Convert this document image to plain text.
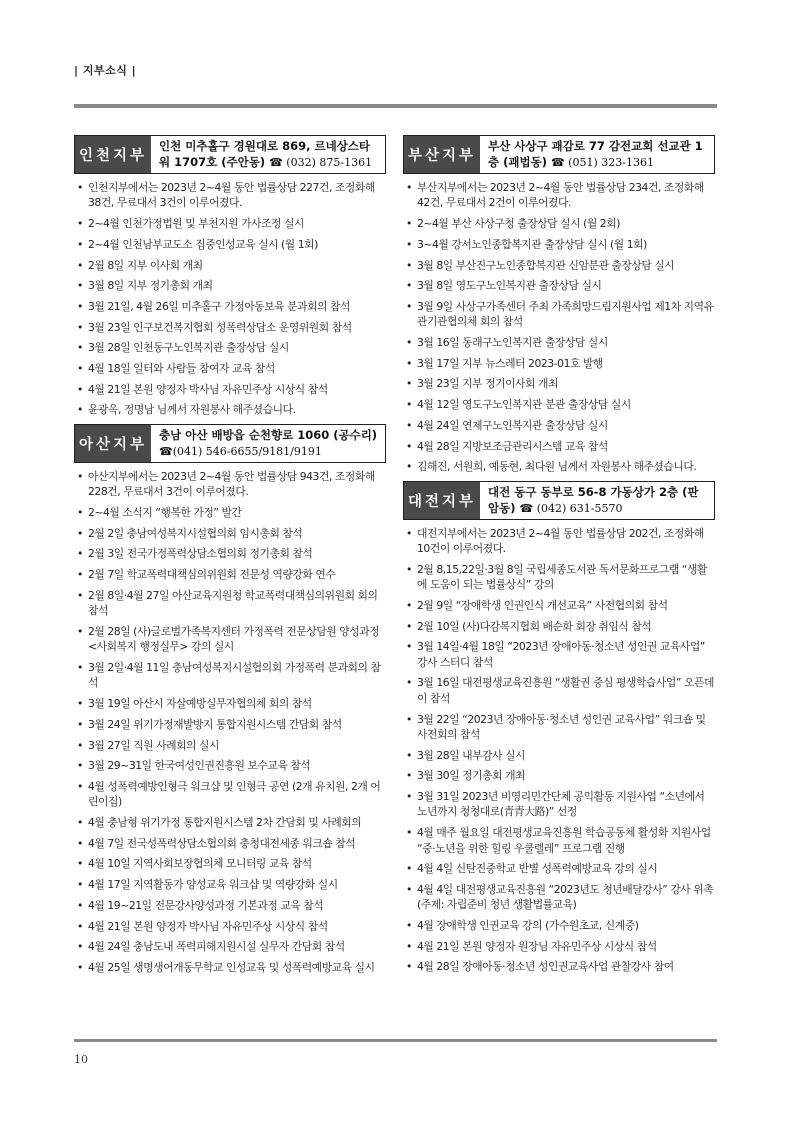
| 지부소식 |
인천지부
인천 미추홀구 경원대로 869, 르네상스타워 1707호 (주안동) ☎ (032) 875-1361
• 인천지부에서는 2023년 2~4월 동안 법률상담 227건, 조정화해 38건, 무료대서 3건이 이루어졌다.
• 2~4월 인천가정법원 및 부천지원 가사조정 실시
• 2~4월 인천남부교도소 집중인성교육 실시 (월 1회)
• 2월 8일 지부 이사회 개최
• 3월 8일 지부 정기총회 개최
• 3월 21일, 4월 26일 미추홀구 가정아동보육 분과회의 참석
• 3월 23일 인구보건복지협회 성폭력상담소 운영위원회 참석
• 3월 28일 인천동구노인복지관 출장상담 실시
• 4월 18일 일터와 사람들 참여자 교육 참석
• 4월 21일 본원 양정자 박사님 자유민주상 시상식 참석
• 윤광옥, 정명남 님께서 자원봉사 해주셨습니다.
아산지부
충남 아산 배방읍 순천향로 1060 (공수리) ☎(041) 546-6655/9181/9191
• 아산지부에서는 2023년 2~4월 동안 법률상담 943건, 조정화해 228건, 무료대서 3건이 이루어졌다.
• 2~4월 소식지 “행복한 가정” 발간
• 2월 2일 충남여성복지시설협의회 임시총회 참석
• 2월 3일 전국가정폭력상담소협의회 정기총회 참석
• 2월 7일 학교폭력대책심의위원회 전문성 역량강화 연수
• 2월 8일·4월 27일 아산교육지원청 학교폭력대책심의위원회 회의 참석
• 2월 28일 (사)글로벌가족복지센터 가정폭력 전문상담원 양성과정 <사회복지 행정실무> 강의 실시
• 3월 2일·4월 11일 충남여성복지시설협의회 가정폭력 분과회의 참석
• 3월 19일 아산시 자살예방실무자협의체 회의 참석
• 3월 24일 위기가정재발방지 통합지원시스템 간담회 참석
• 3월 27일 직원 사례회의 실시
• 3월 29~31일 한국여성인권진흥원 보수교육 참석
• 4월 성폭력예방인형극 워크샵 및 인형극 공연 (2개 유치원, 2개 어린이집)
• 4월 충남형 위기가정 통합지원시스템 2차 간담회 및 사례회의
• 4월 7일 전국성폭력상담소협의회 충청대전세종 워크숍 참석
• 4월 10일 지역사회보장협의체 모니터링 교육 참석
• 4월 17일 지역활동가 양성교육 워크샵 및 역량강화 실시
• 4월 19~21일 전문강사양성과정 기본과정 교육 참석
• 4월 21일 본원 양정자 박사님 자유민주상 시상식 참석
• 4월 24일 충남도내 폭력피해지원시설 실무자 간담회 참석
• 4월 25일 생명생어개동무학교 인성교육 및 성폭력예방교육 실시
부산지부
부산 사상구 괘감로 77 감전교회 선교관 1층 (괘법동) ☎ (051) 323-1361
• 부산지부에서는 2023년 2~4월 동안 법률상담 234건, 조정화해 42건, 무료대서 2건이 이루어졌다.
• 2~4월 부산 사상구청 출장상담 실시 (월 2회)
• 3~4월 강서노인종합복지관 출장상담 실시 (월 1회)
• 3월 8일 부산진구노인종합복지관 신암분관 출장상담 실시
• 3월 8일 영도구노인복지관 출장상담 실시
• 3월 9일 사상구가족센터 주최 가족희망드림지원사업 제1차 지역유관기관협의체 회의 참석
• 3월 16일 동래구노인복지관 출장상담 실시
• 3월 17일 지부 뉴스레터 2023-01호 발행
• 3월 23일 지부 정기이사회 개최
• 4월 12일 영도구노인복지관 분관 출장상담 실시
• 4월 24일 연제구노인복지관 출장상담 실시
• 4월 28일 지방보조금관리시스템 교육 참석
• 김해진, 서원희, 예동현, 최다원 님께서 자원봉사 해주셨습니다.
대전지부
대전 동구 동부로 56-8 가동상가 2층 (판암동) ☎ (042) 631-5570
• 대전지부에서는 2023년 2~4월 동안 법률상담 202건, 조정화해 10건이 이루어졌다.
• 2월 8,15,22일·3월 8일 국립세종도서관 독서문화프로그램 “생활에 도움이 되는 법률상식” 강의
• 2월 9일 “장애학생 인권인식 개선교육” 사전협의회 참석
• 2월 10일 (사)다감복지협회 배순화 회장 취임식 참석
• 3월 14일·4월 18일 “2023년 장애아동·청소년 성인권 교육사업” 강사 스터디 참석
• 3월 16일 대전평생교육진흥원 “생활권 중심 평생학습사업” 오픈데이 참석
• 3월 22일 “2023년 장애아동·청소년 성인권 교육사업” 워크숍 및 사전회의 참석
• 3월 28일 내부감사 실시
• 3월 30일 정기총회 개최
• 3월 31일 2023년 비영리민간단체 공익활동 지원사업 “소년에서 노년까지 청청대로(青青大路)” 선정
• 4월 매주 월요일 대전평생교육진흥원 학습공동체 활성화 지원사업 “중·노년을 위한 힐링 우쿨렐레” 프로그램 진행
• 4월 4일 신탄진중학교 반별 성폭력예방교육 강의 실시
• 4월 4일 대전평생교육진흥원 “2023년도 청년배달강사” 강사 위촉 (주제: 자립준비 청년 생활법률교육)
• 4월 장애학생 인권교육 강의 (가수원초교, 신계중)
• 4월 21일 본원 양정자 원장님 자유민주상 시상식 참석
• 4월 28일 장애아동·청소년 성인권교육사업 관찰강사 참여
10
